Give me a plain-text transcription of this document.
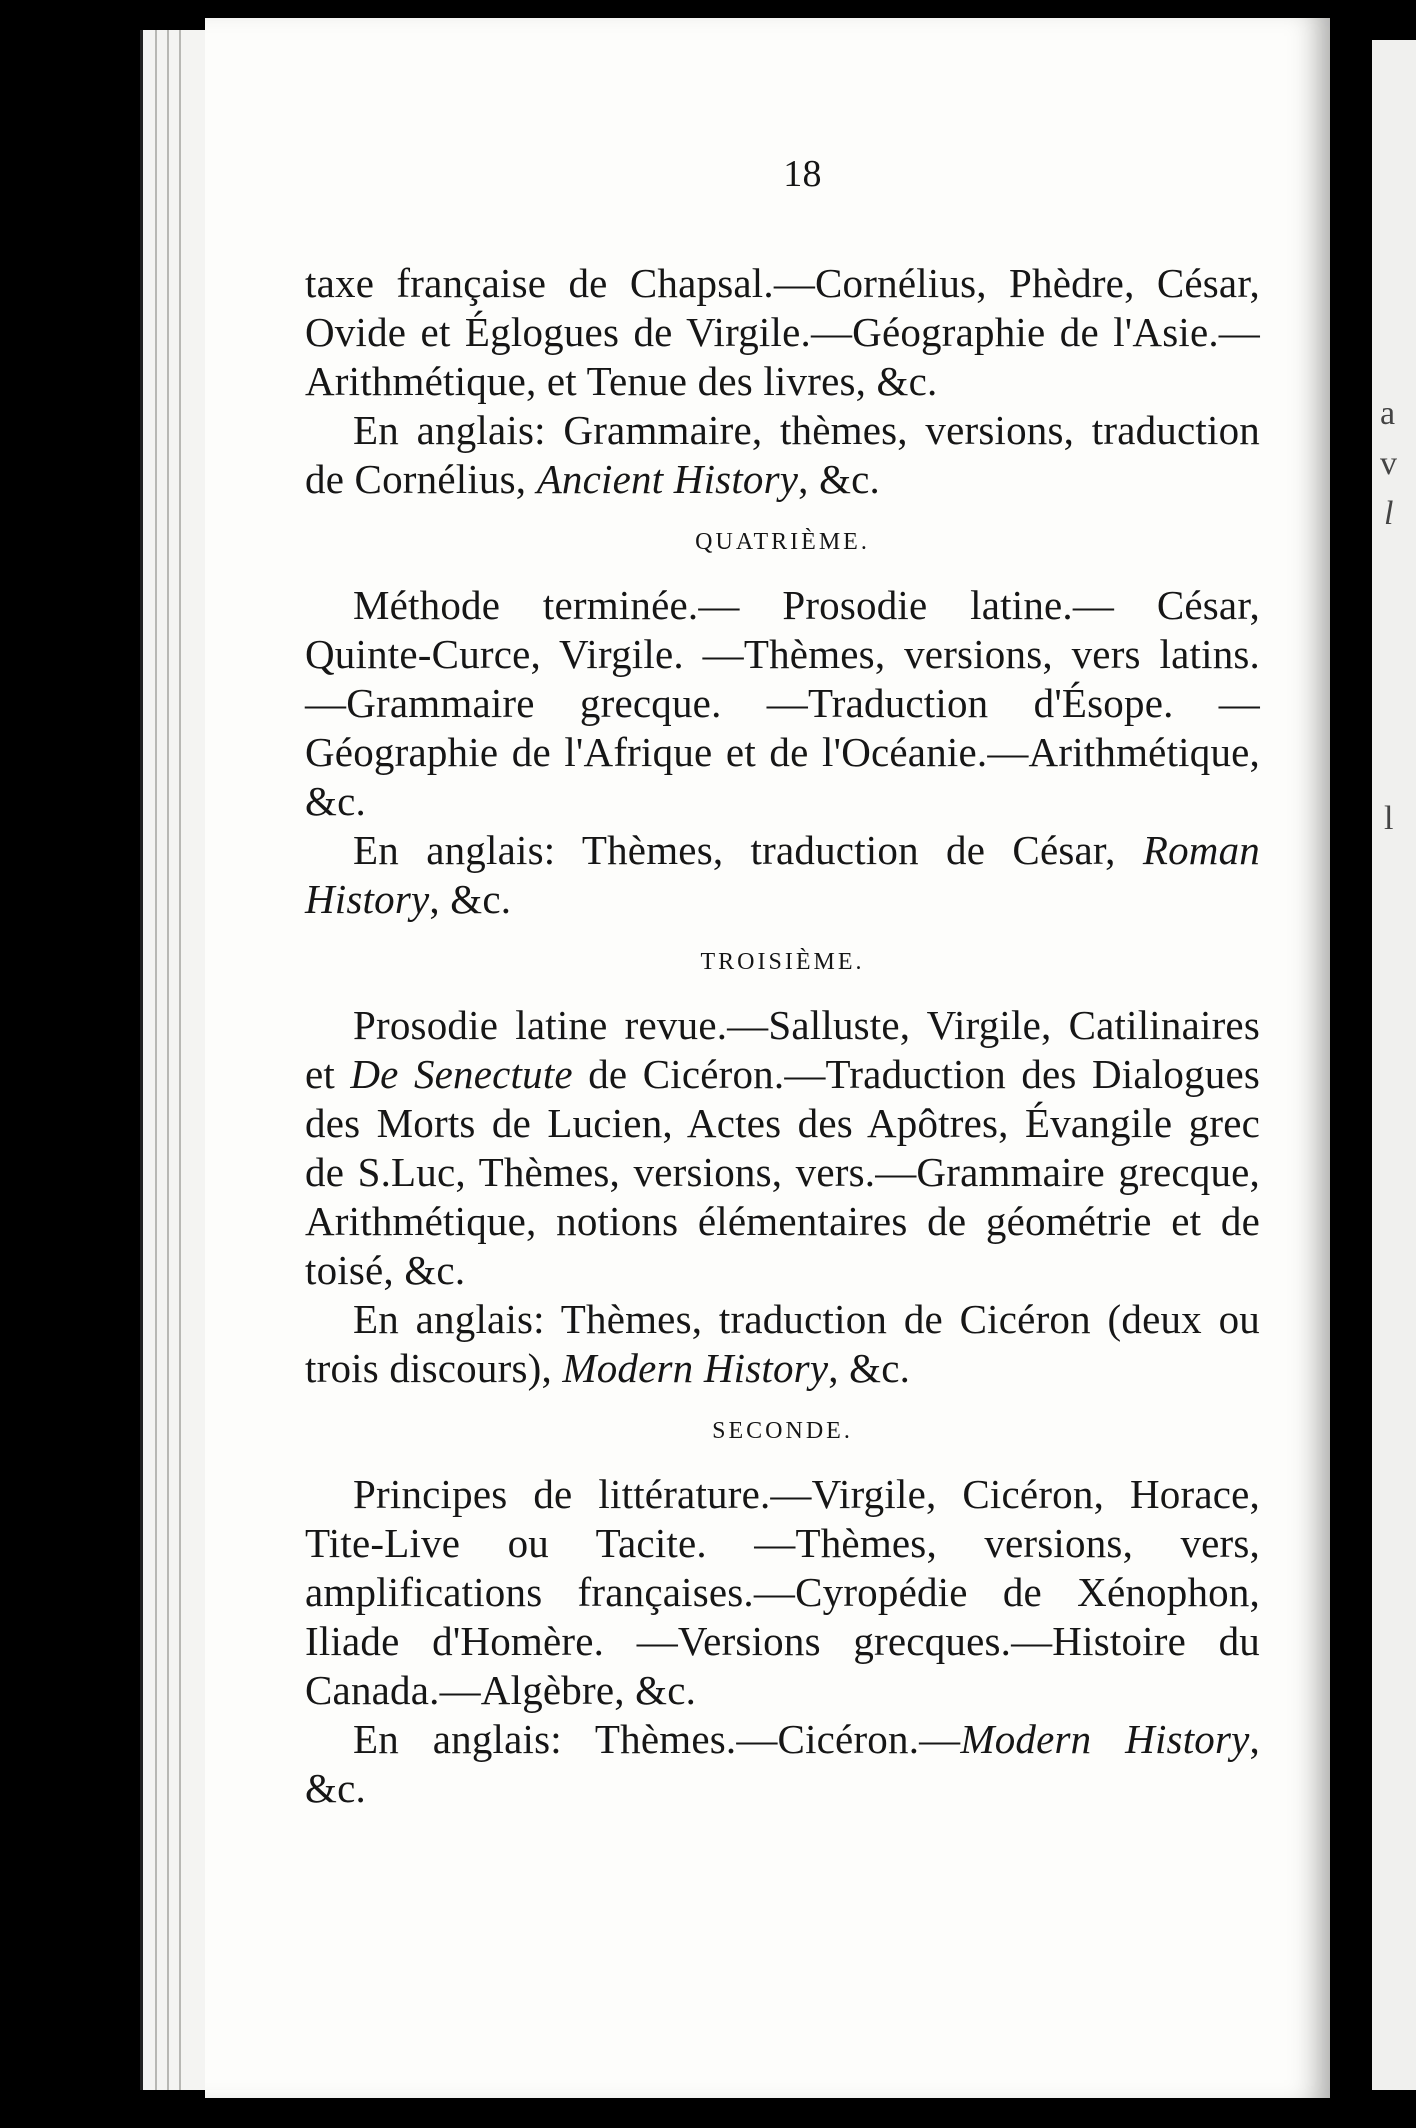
a
v
l
l
18

taxe française de Chapsal.—Cornélius, Phèdre, César, Ovide et Églogues de Virgile.—Géographie de l'Asie.—Arithmétique, et Tenue des livres, &c.

En anglais: Grammaire, thèmes, versions, traduction de Cornélius, Ancient History, &c.

QUATRIÈME.

Méthode terminée.— Prosodie latine.— César, Quinte-Curce, Virgile. —Thèmes, versions, vers latins. —Grammaire grecque. —Traduction d'Ésope. —Géographie de l'Afrique et de l'Océanie.—Arithmétique, &c.

En anglais: Thèmes, traduction de César, Roman History, &c.

TROISIÈME.

Prosodie latine revue.—Salluste, Virgile, Catilinaires et De Senectute de Cicéron.—Traduction des Dialogues des Morts de Lucien, Actes des Apôtres, Évangile grec de S.Luc, Thèmes, versions, vers.—Grammaire grecque, Arithmétique, notions élémentaires de géométrie et de toisé, &c.

En anglais: Thèmes, traduction de Cicéron (deux ou trois discours), Modern History, &c.

SECONDE.

Principes de littérature.—Virgile, Cicéron, Horace, Tite-Live ou Tacite. —Thèmes, versions, vers, amplifications françaises.—Cyropédie de Xénophon, Iliade d'Homère. —Versions grecques.—Histoire du Canada.—Algèbre, &c.

En anglais: Thèmes.—Cicéron.—Modern History, &c.
